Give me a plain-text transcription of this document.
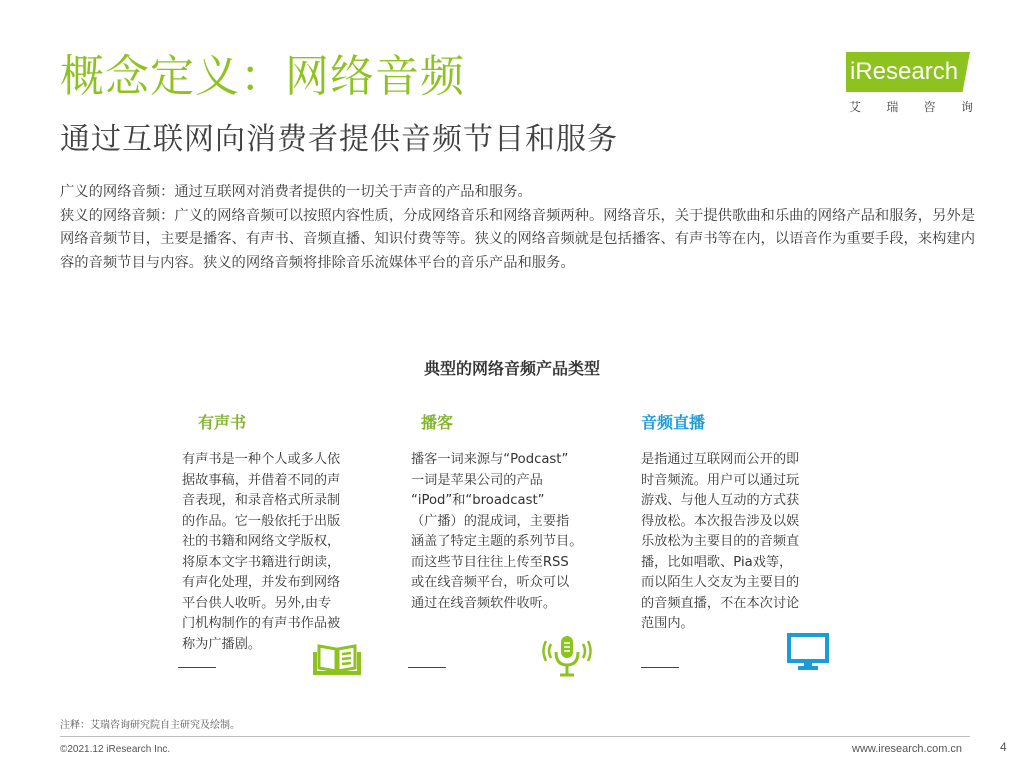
概念定义：网络音频
通过互联网向消费者提供音频节目和服务
iResearch
艾 瑞 咨 询

广义的网络音频：通过互联网对消费者提供的一切关于声音的产品和服务。

狭义的网络音频：广义的网络音频可以按照内容性质，分成网络音乐和网络音频两种。网络音乐，关于提供歌曲和乐曲的网络产品和服务，另外是网络音频节目，主要是播客、有声书、音频直播、知识付费等等。狭义的网络音频就是包括播客、有声书等在内，以语音作为重要手段，来构建内容的音频节目与内容。狭义的网络音频将排除音乐流媒体平台的音乐产品和服务。

典型的网络音频产品类型
有声书
有声书是一种个人或多人依
据故事稿，并借着不同的声
音表现，和录音格式所录制
的作品。它一般依托于出版
社的书籍和网络文学版权，
将原本文字书籍进行朗读，
有声化处理，并发布到网络
平台供人收听。另外,由专
门机构制作的有声书作品被
称为广播剧。
播客
播客一词来源与“Podcast”
一词是苹果公司的产品
“iPod”和“broadcast”
（广播）的混成词，主要指
涵盖了特定主题的系列节目。
而这些节目往往上传至RSS
或在线音频平台，听众可以
通过在线音频软件收听。
音频直播
是指通过互联网而公开的即
时音频流。用户可以通过玩
游戏、与他人互动的方式获
得放松。本次报告涉及以娱
乐放松为主要目的的音频直
播，比如唱歌、Pia戏等，
而以陌生人交友为主要目的
的音频直播，不在本次讨论
范围内。
注释：艾瑞咨询研究院自主研究及绘制。
©2021.12 iResearch Inc.	www.iresearch.com.cn	4
